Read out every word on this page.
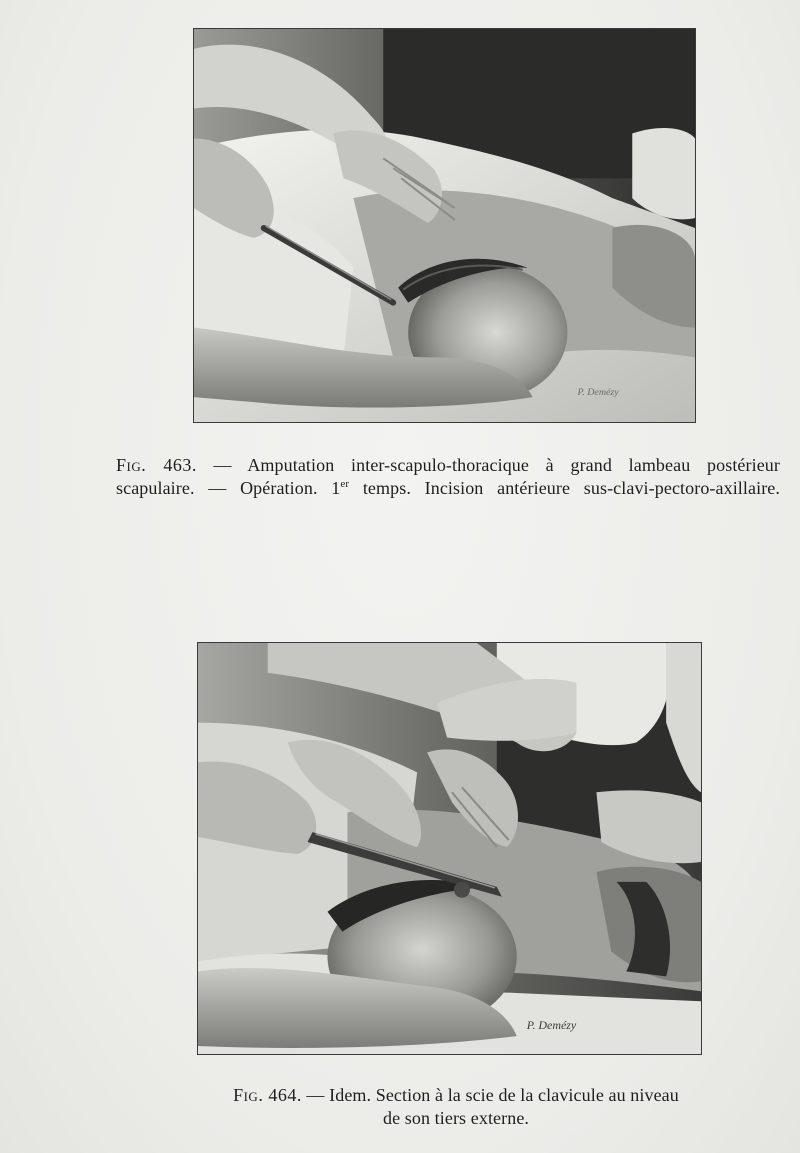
P. Demézy
Fig. 463. — Amputation inter-scapulo-thoracique à grand lambeau postérieur
scapulaire. — Opération. 1er temps. Incision antérieure sus-clavi-pectoro-axillaire.
P. Demézy
Fig. 464. — Idem. Section à la scie de la clavicule au niveau
de son tiers externe.
